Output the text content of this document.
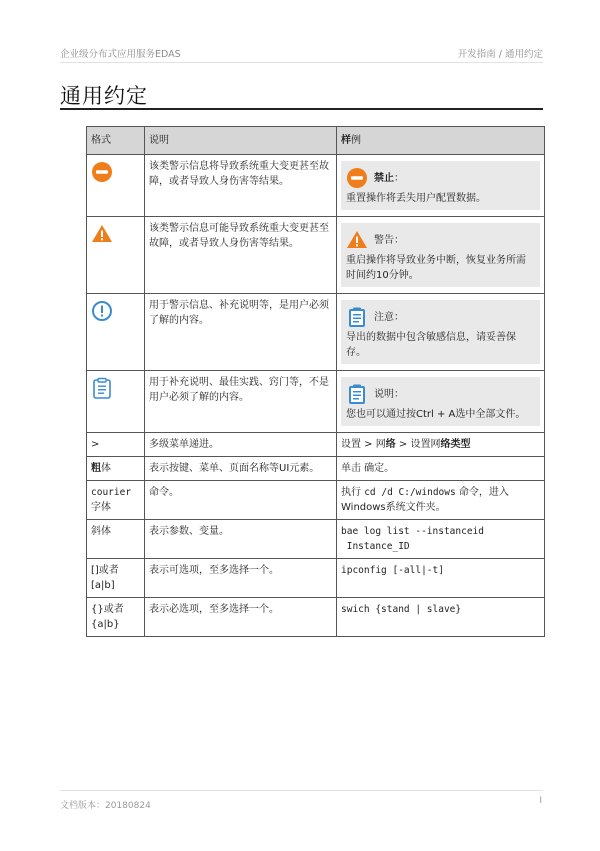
企业级分布式应用服务EDAS	开发指南 / 通用约定
通用约定
格式	说明	样例

	该类警示信息将导致系统重大变更甚至故障，或者导致人身伤害等结果。	禁止：
重置操作将丢失用户配置数据。

	该类警示信息可能导致系统重大变更甚至故障，或者导致人身伤害等结果。	警告：
重启操作将导致业务中断，恢复业务所需时间约10分钟。

	用于警示信息、补充说明等，是用户必须了解的内容。	注意：
导出的数据中包含敏感信息，请妥善保存。

	用于补充说明、最佳实践、窍门等，不是用户必须了解的内容。	说明：
您也可以通过按Ctrl + A选中全部文件。

>	多级菜单递进。	设置 > 网络 > 设置网络类型
粗体	表示按键、菜单、页面名称等UI元素。	单击 确定。
courier
字体	命令。	执行 cd /d C:/windows 命令，进入Windows系统文件夹。
斜体	表示参数、变量。	bae log list --instanceid
Instance_ID
[]或者[a|b]	表示可选项，至多选择一个。	ipconfig [-all|-t]
{}或者{a|b}	表示必选项，至多选择一个。	swich {stand | slave}
文档版本：20180824	I
